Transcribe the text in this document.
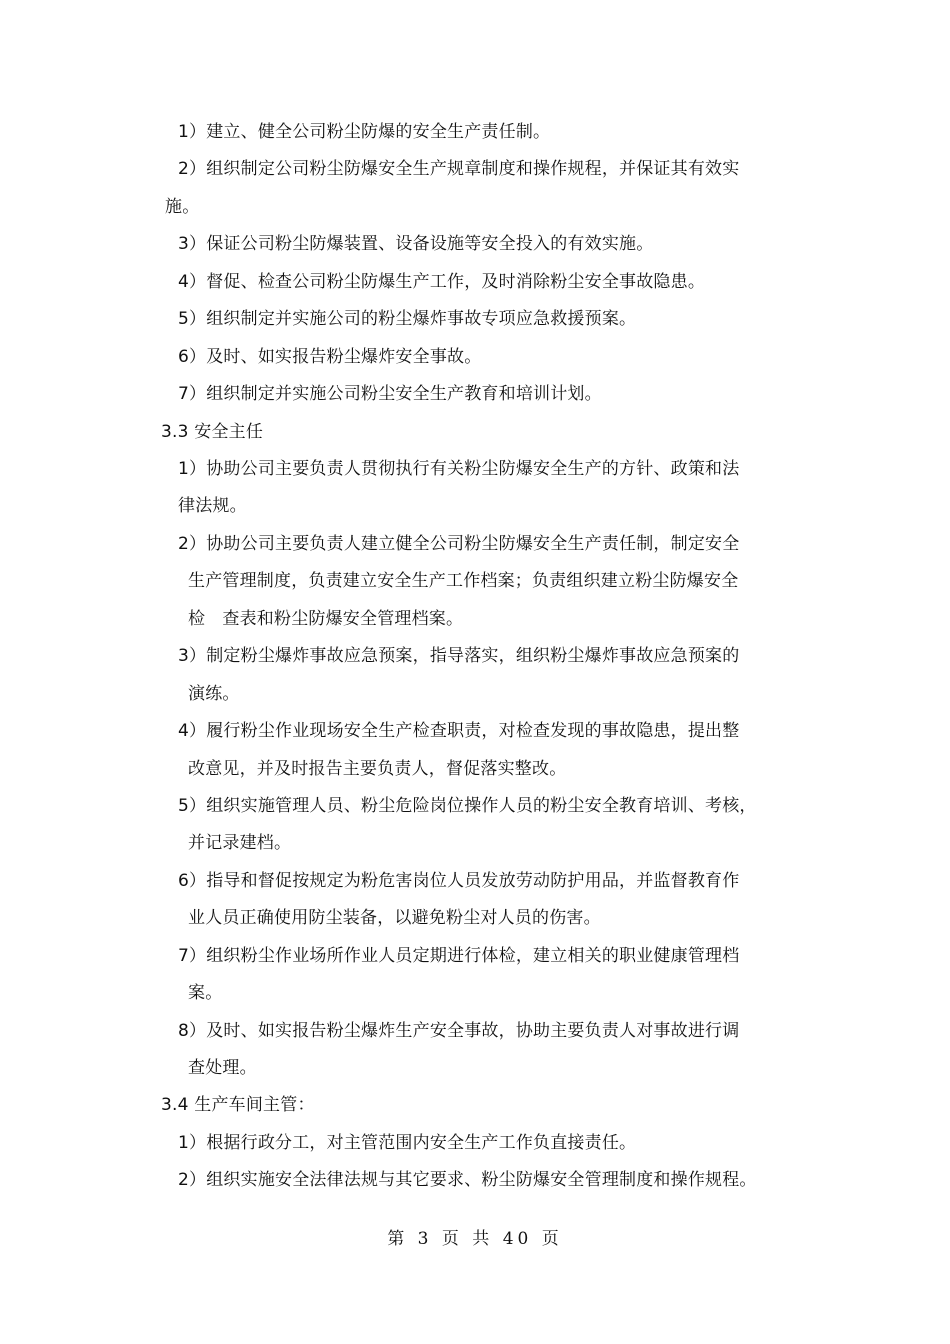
1）建立、健全公司粉尘防爆的安全生产责任制。
2）组织制定公司粉尘防爆安全生产规章制度和操作规程，并保证其有效实
施。
3）保证公司粉尘防爆装置、设备设施等安全投入的有效实施。
4）督促、检查公司粉尘防爆生产工作，及时消除粉尘安全事故隐患。
5）组织制定并实施公司的粉尘爆炸事故专项应急救援预案。
6）及时、如实报告粉尘爆炸安全事故。
7）组织制定并实施公司粉尘安全生产教育和培训计划。
3.3 安全主任
1）协助公司主要负责人贯彻执行有关粉尘防爆安全生产的方针、政策和法
律法规。
2）协助公司主要负责人建立健全公司粉尘防爆安全生产责任制，制定安全
生产管理制度，负责建立安全生产工作档案；负责组织建立粉尘防爆安全
检　查表和粉尘防爆安全管理档案。
3）制定粉尘爆炸事故应急预案，指导落实，组织粉尘爆炸事故应急预案的
演练。
4）履行粉尘作业现场安全生产检查职责，对检查发现的事故隐患，提出整
改意见，并及时报告主要负责人，督促落实整改。
5）组织实施管理人员、粉尘危险岗位操作人员的粉尘安全教育培训、考核，
并记录建档。
6）指导和督促按规定为粉危害岗位人员发放劳动防护用品，并监督教育作
业人员正确使用防尘装备，以避免粉尘对人员的伤害。
7）组织粉尘作业场所作业人员定期进行体检，建立相关的职业健康管理档
案。
8）及时、如实报告粉尘爆炸生产安全事故，协助主要负责人对事故进行调
查处理。
3.4 生产车间主管：
1）根据行政分工，对主管范围内安全生产工作负直接责任。
2）组织实施安全法律法规与其它要求、粉尘防爆安全管理制度和操作规程。
第 3 页 共 40 页
